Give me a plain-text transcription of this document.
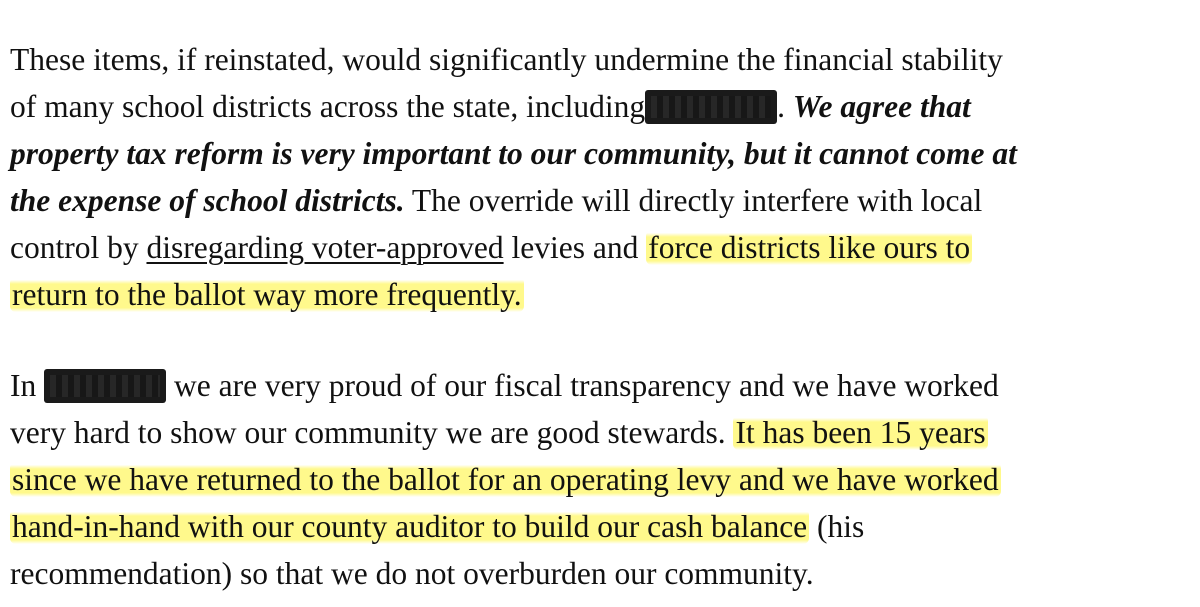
These items, if reinstated, would significantly undermine the financial stability
of many school districts across the state, including	. We agree that
property tax reform is very important to our community, but it cannot come at
the expense of school districts. The override will directly interfere with local
control by disregarding voter-approved levies and force districts like ours to
return to the ballot way more frequently.

In	we are very proud of our fiscal transparency and we have worked
very hard to show our community we are good stewards. It has been 15 years
since we have returned to the ballot for an operating levy and we have worked
hand-in-hand with our county auditor to build our cash balance (his
recommendation) so that we do not overburden our community.
